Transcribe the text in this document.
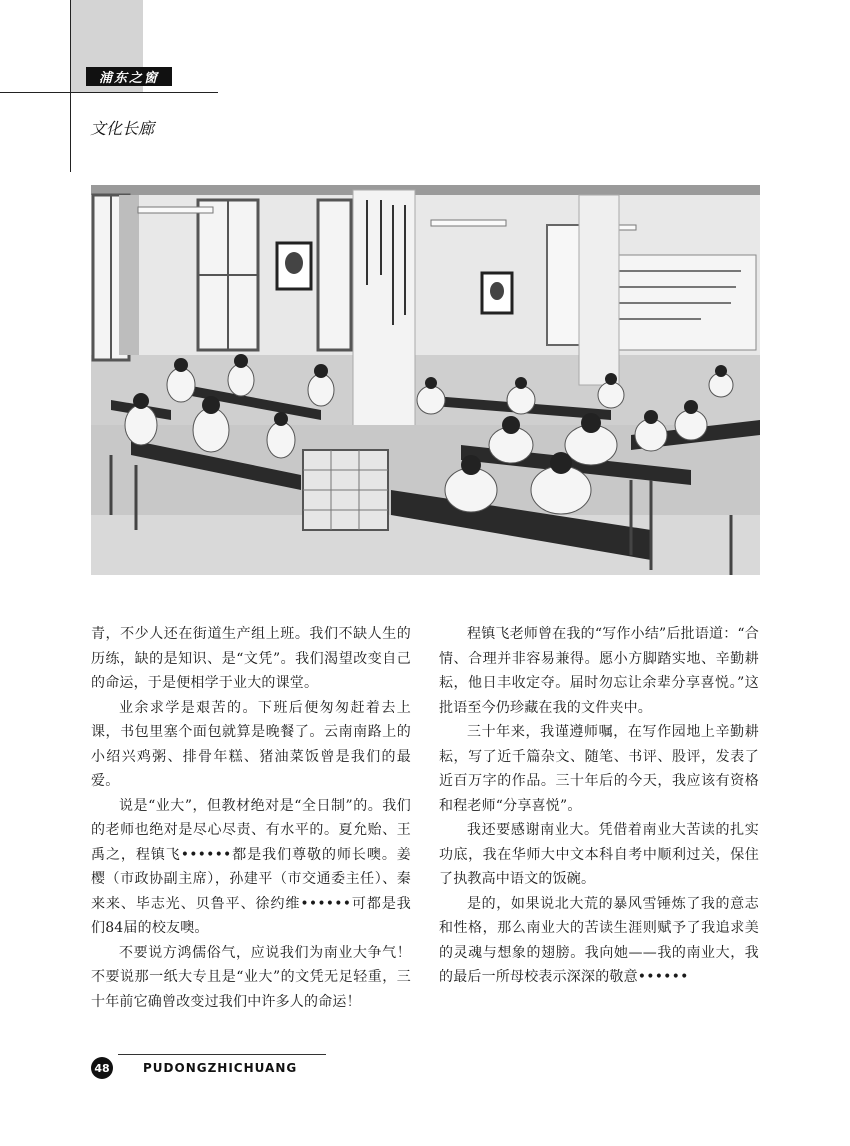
浦东之窗
文化长廊

青，不少人还在街道生产组上班。我们不缺人生的历练，缺的是知识、是“文凭”。我们渴望改变自己的命运，于是便相学于业大的课堂。

业余求学是艰苦的。下班后便匆匆赶着去上课，书包里塞个面包就算是晚餐了。云南南路上的小绍兴鸡粥、排骨年糕、猪油菜饭曾是我们的最爱。

说是“业大”，但教材绝对是“全日制”的。我们的老师也绝对是尽心尽责、有水平的。夏允贻、王禹之，程镇飞••••••都是我们尊敬的师长噢。姜樱（市政协副主席），孙建平（市交通委主任）、秦来来、毕志光、贝鲁平、徐约维••••••可都是我们84届的校友噢。

不要说方鸿儒俗气，应说我们为南业大争气！不要说那一纸大专且是“业大”的文凭无足轻重，三十年前它确曾改变过我们中许多人的命运！

程镇飞老师曾在我的“写作小结”后批语道：“合情、合理并非容易兼得。愿小方脚踏实地、辛勤耕耘，他日丰收定夺。届时勿忘让余辈分享喜悦。”这批语至今仍珍藏在我的文件夹中。

三十年来，我谨遵师嘱，在写作园地上辛勤耕耘，写了近千篇杂文、随笔、书评、股评，发表了近百万字的作品。三十年后的今天，我应该有资格和程老师“分享喜悦”。

我还要感谢南业大。凭借着南业大苦读的扎实功底，我在华师大中文本科自考中顺利过关，保住了执教高中语文的饭碗。

是的，如果说北大荒的暴风雪锤炼了我的意志和性格，那么南业大的苦读生涯则赋予了我追求美的灵魂与想象的翅膀。我向她——我的南业大，我的最后一所母校表示深深的敬意••••••

48	PUDONGZHICHUANG
